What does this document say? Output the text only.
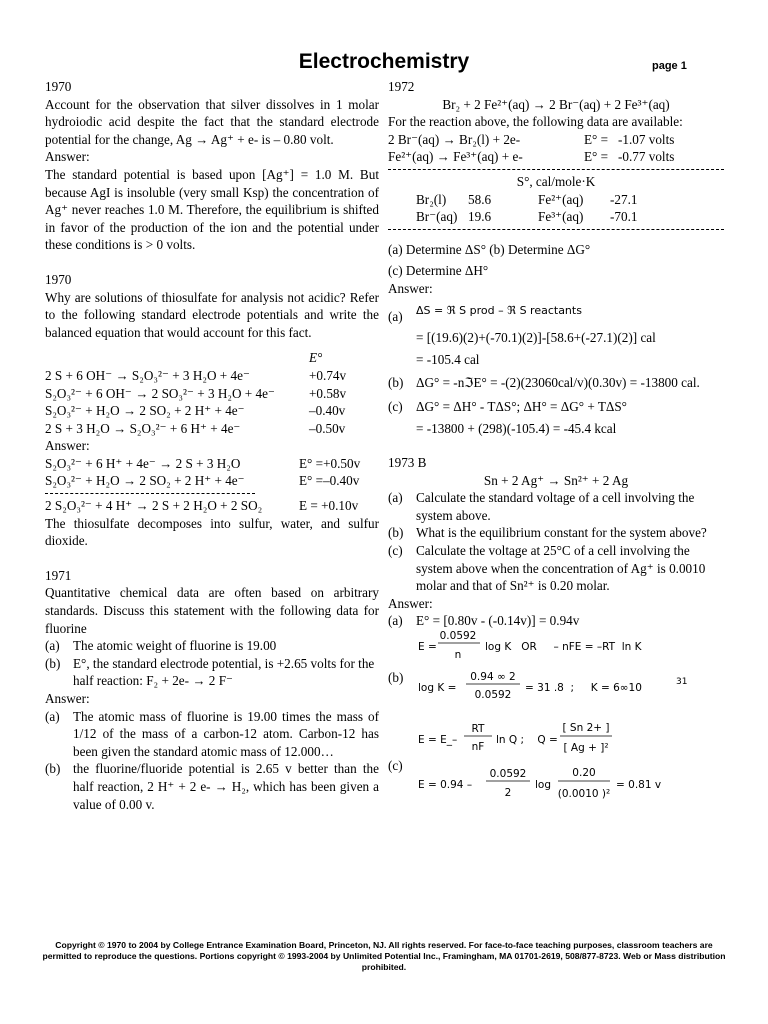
Electrochemistry	page 1

1970

Account for the observation that silver dissolves in 1 molar hydroiodic acid despite the fact that the standard electrode potential for the change, Ag → Ag⁺ + e- is – 0.80 volt.

Answer:

The standard potential is based upon [Ag⁺] = 1.0 M. But because AgI is insoluble (very small Ksp) the concentration of Ag⁺ never reaches 1.0 M. Therefore, the equilibrium is shifted in favor of the production of the ion and the potential under these conditions is > 0 volts.

1970

Why are solutions of thiosulfate for analysis not acidic? Refer to the following standard electrode potentials and write the balanced equation that would account for this fact.

E°
2 S + 6 OH⁻ → S₂O₃²⁻ + 3 H₂O + 4e⁻	+0.74v
S₂O₃²⁻ + 6 OH⁻ → 2 SO₃²⁻ + 3 H₂O + 4e⁻	+0.58v
S₂O₃²⁻ + H₂O → 2 SO₂ + 2 H⁺ + 4e⁻	–0.40v
2 S + 3 H₂O → S₂O₃²⁻ + 6 H⁺ + 4e⁻	–0.50v

Answer:

S₂O₃²⁻ + 6 H⁺ + 4e⁻ → 2 S + 3 H₂O	E° =+0.50v
S₂O₃²⁻ + H₂O → 2 SO₂ + 2 H⁺ + 4e⁻	E° =–0.40v
2 S₂O₃²⁻ + 4 H⁺ → 2 S + 2 H₂O + 2 SO₂	E = +0.10v

The thiosulfate decomposes into sulfur, water, and sulfur dioxide.

1971

Quantitative chemical data are often based on arbitrary standards. Discuss this statement with the following data for fluorine

(a)	The atomic weight of fluorine is 19.00
(b) E°, the standard electrode potential, is +2.65 volts for the half reaction: F₂ + 2e- → 2 F⁻

Answer:

(a)	The atomic mass of fluorine is 19.00 times the mass of 1/12 of the mass of a carbon-12 atom. Carbon-12 has been given the standard atomic mass of 12.000…
(b) the fluorine/fluoride potential is 2.65 v better than the half reaction, 2 H⁺ + 2 e- → H₂, which has been given a value of 0.00 v.

1972

Br₂ + 2 Fe²⁺(aq) → 2 Br⁻(aq) + 2 Fe³⁺(aq)

For the reaction above, the following data are available:

2 Br⁻(aq) → Br₂(l) + 2e-	E° =   -1.07 volts
Fe²⁺(aq) → Fe³⁺(aq) + e-	E° =   -0.77 volts

S°, cal/mole·K

Br₂(l)	58.6	Fe²⁺(aq)	-27.1
Br⁻(aq) 19.6	Fe³⁺(aq)	-70.1

(a) Determine ΔS° (b) Determine ΔG°

(c) Determine ΔH°

Answer:

(a)	ΔS = ℜ S prod – ℜ S reactants

= [(19.6)(2)+(-70.1)(2)]-[58.6+(-27.1)(2)] cal

= -105.4 cal

(b) ΔG° = -nℑE° = -(2)(23060cal/v)(0.30v) = -13800 cal.
(c)	ΔG° = ΔH° - TΔS°; ΔH° = ΔG° + TΔS°

= -13800 + (298)(-105.4) = -45.4 kcal

1973 B

Sn + 2 Ag⁺ → Sn²⁺ + 2 Ag

(a)	Calculate the standard voltage of a cell involving the system above.
(b) What is the equilibrium constant for the system above?
(c)	Calculate the voltage at 25°C of a cell involving the system above when the concentration of Ag⁺ is 0.0010 molar and that of Sn²⁺ is 0.20 molar.

Answer:

(a)	E° = [0.80v - (-0.14v)] = 0.94v
(b)
E =
0.0592
n
log K   OR     – nFE = –RT  ln K
log K =
0.94 ∞ 2
0.0592
= 31 .8  ;     K = 6∞10	31
E = E_–
RT
nF
ln Q ;    Q =
[ Sn 2+ ]
[ Ag + ]²
(c)
E = 0.94 –
0.0592
2
log
0.20
(0.0010 )²
= 0.81 v
Copyright © 1970 to 2004 by College Entrance Examination Board, Princeton, NJ. All rights reserved. For face-to-face teaching purposes, classroom teachers are permitted to reproduce the questions. Portions copyright © 1993-2004 by Unlimited Potential Inc., Framingham, MA 01701-2619, 508/877-8723. Web or Mass distribution prohibited.
